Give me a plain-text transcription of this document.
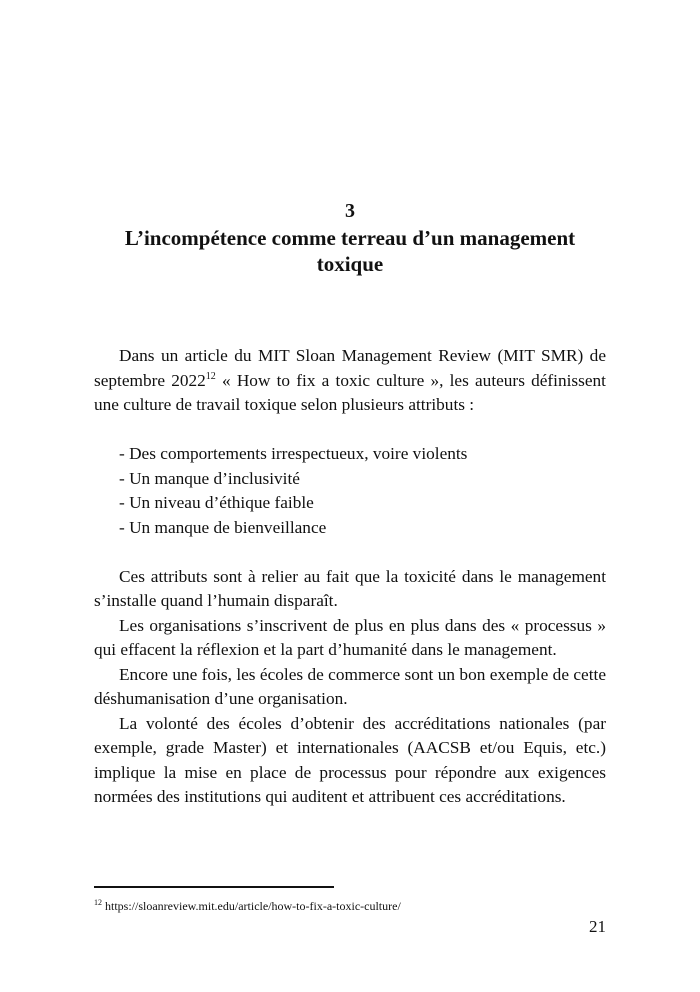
3
L’incompétence comme terreau d’un management toxique

Dans un article du MIT Sloan Management Review (MIT SMR) de septembre 2022$^{12}$ « How to fix a toxic culture », les auteurs définissent une culture de travail toxique selon plusieurs attributs :

- Des comportements irrespectueux, voire violents
- Un manque d’inclusivité
- Un niveau d’éthique faible
- Un manque de bienveillance

Ces attributs sont à relier au fait que la toxicité dans le management s’installe quand l’humain disparaît.

Les organisations s’inscrivent de plus en plus dans des « processus » qui effacent la réflexion et la part d’humanité dans le management.

Encore une fois, les écoles de commerce sont un bon exemple de cette déshumanisation d’une organisation.

La volonté des écoles d’obtenir des accréditations nationales (par exemple, grade Master) et internationales (AACSB et/ou Equis, etc.) implique la mise en place de processus pour répondre aux exigences normées des institutions qui auditent et attribuent ces accréditations.

$^{12}$ https://sloanreview.mit.edu/article/how-to-fix-a-toxic-culture/
21
